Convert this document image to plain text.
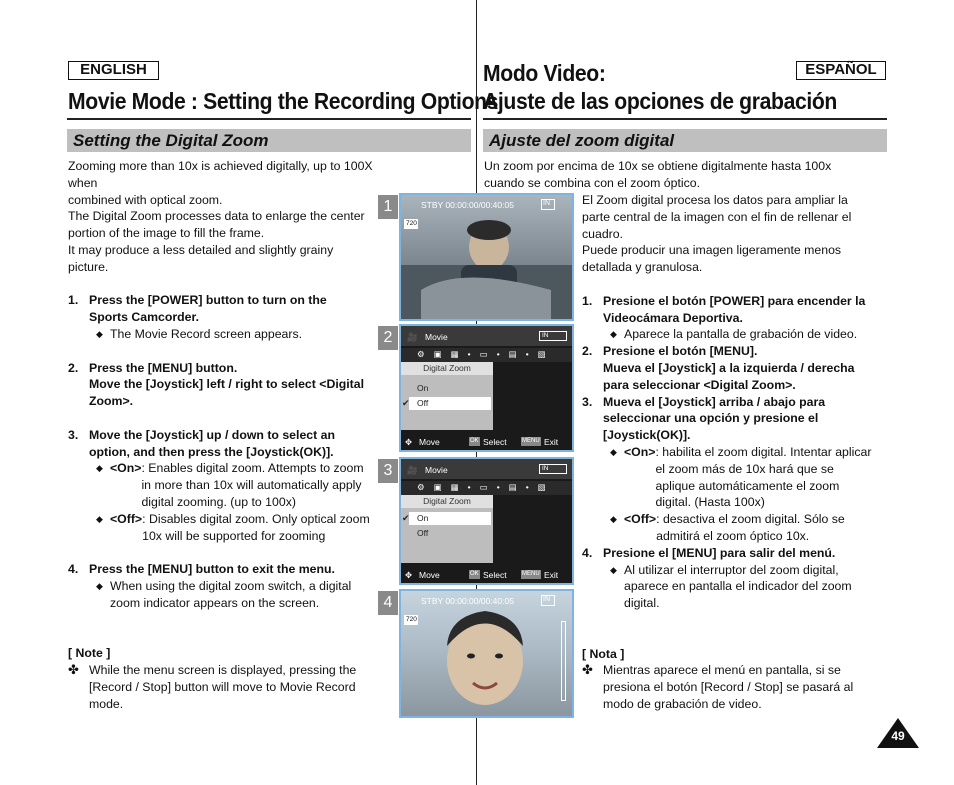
ENGLISH	ESPAÑOL
Movie Mode : Setting the Recording Options
Modo Video:
Ajuste de las opciones de grabación
Setting the Digital Zoom	Ajuste del zoom digital

Zooming more than 10x is achieved digitally, up to 100X when

combined with optical zoom.

The Digital Zoom processes data to enlarge the center

portion of the image to fill the frame.

It may produce a less detailed and slightly grainy

picture.

1. Press the [POWER] button to turn on the

Sports Camcorder.

◆ The Movie Record screen appears.

2. Press the [MENU] button.

Move the [Joystick] left / right to select <Digital

Zoom>.

3. Move the [Joystick] up / down to select an

option, and then press the [Joystick(OK)].

◆ <On> : Enables digital zoom. Attempts to zoom

in more than 10x will automatically apply

digital zooming. (up to 100x)

◆ <Off> : Disables digital zoom. Only optical zoom

10x will be supported for zooming

4. Press the [MENU] button to exit the menu.

◆ When using the digital zoom switch, a digital

zoom indicator appears on the screen.

[ Note ]

✤ While the menu screen is displayed, pressing the

[Record / Stop] button will move to Movie Record

mode.

Un zoom por encima de 10x se obtiene digitalmente hasta 100x

cuando se combina con el zoom óptico.

El Zoom digital procesa los datos para ampliar la

parte central de la imagen con el fin de rellenar el

cuadro.

Puede producir una imagen ligeramente menos

detallada y granulosa.

1. Presione el botón [POWER] para encender la

Videocámara Deportiva.

◆ Aparece la pantalla de grabación de video.

2. Presione el botón [MENU].

Mueva el [Joystick] a la izquierda / derecha

para seleccionar <Digital Zoom>.

3. Mueva el [Joystick] arriba / abajo para

seleccionar una opción y presione el

[Joystick(OK)].

◆ <On> : habilita el zoom digital. Intentar aplicar

el zoom más de 10x hará que se

aplique automáticamente el zoom

digital. (Hasta 100x)

◆ <Off> : desactiva el zoom digital. Sólo se

admitirá el zoom óptico 10x.

4. Presione el [MENU] para salir del menú.

◆ Al utilizar el interruptor del zoom digital,

aparece en pantalla el indicador del zoom

digital.

[ Nota ]

✤ Mientras aparece el menú en pantalla, si se

presiona el botón [Record / Stop] se pasará al

modo de grabación de video.

1	STBY 00:00:00/00:40:05	IN
720
2	🎥 Movie	IN
⚙▣▦•▭•▤•▧
Digital Zoom
On
✔ Off
✥ Move	OK Select	MENU Exit
3	🎥 Movie	IN
⚙▣▦•▭•▤•▧
Digital Zoom
✔ On
Off
✥ Move	OK Select	MENU Exit
4	STBY 00:00:00/00:40:05	IN
720
49
